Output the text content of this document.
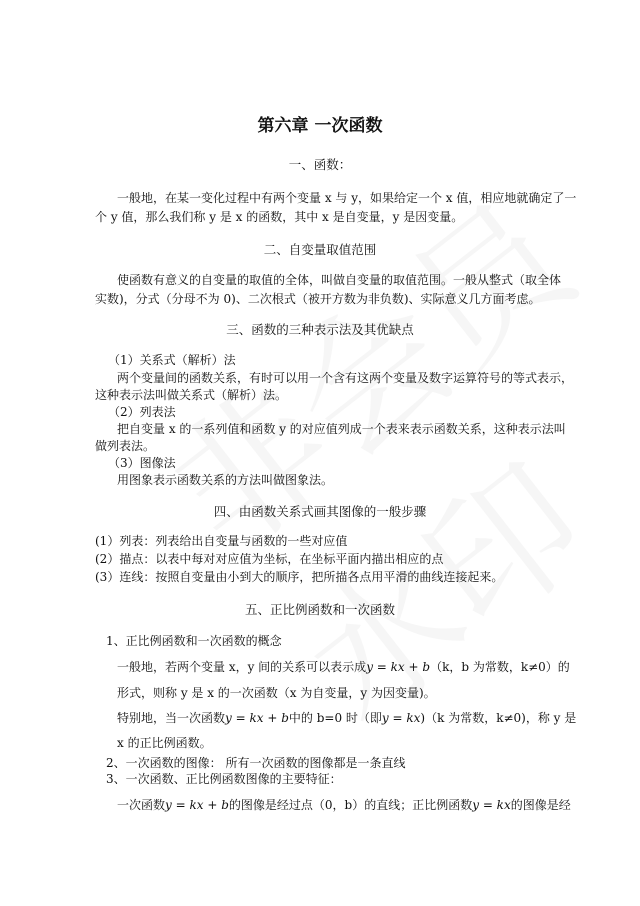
第六章 一次函数
一、函数：
一般地，在某一变化过程中有两个变量 x 与 y，如果给定一个 x 值，相应地就确定了一
个 y 值，那么我们称 y 是 x 的函数，其中 x 是自变量，y 是因变量。
二、自变量取值范围
使函数有意义的自变量的取值的全体，叫做自变量的取值范围。一般从整式（取全体
实数)，分式（分母不为 0)、二次根式（被开方数为非负数)、实际意义几方面考虑。
三、函数的三种表示法及其优缺点
（1）关系式（解析）法
两个变量间的函数关系，有时可以用一个含有这两个变量及数字运算符号的等式表示，
这种表示法叫做关系式（解析）法。
（2）列表法
把自变量 x 的一系列值和函数 y 的对应值列成一个表来表示函数关系，这种表示法叫
做列表法。
（3）图像法
用图象表示函数关系的方法叫做图象法。
四、由函数关系式画其图像的一般步骤
(1）列表：列表给出自变量与函数的一些对应值
(2）描点：以表中每对对应值为坐标，在坐标平面内描出相应的点
(3）连线：按照自变量由小到大的顺序，把所描各点用平滑的曲线连接起来。
五、正比例函数和一次函数
1、正比例函数和一次函数的概念
一般地，若两个变量 x，y 间的关系可以表示成y = kx + b（k，b 为常数，k≠0）的
形式，则称 y 是 x 的一次函数（x 为自变量，y 为因变量)。
特别地，当一次函数y = kx + b中的 b=0 时（即y = kx)（k 为常数，k≠0)，称 y 是
x 的正比例函数。
2、一次函数的图像： 所有一次函数的图像都是一条直线
3、一次函数、正比例函数图像的主要特征：
一次函数y = kx + b的图像是经过点（0，b）的直线；正比例函数y = kx的图像是经
